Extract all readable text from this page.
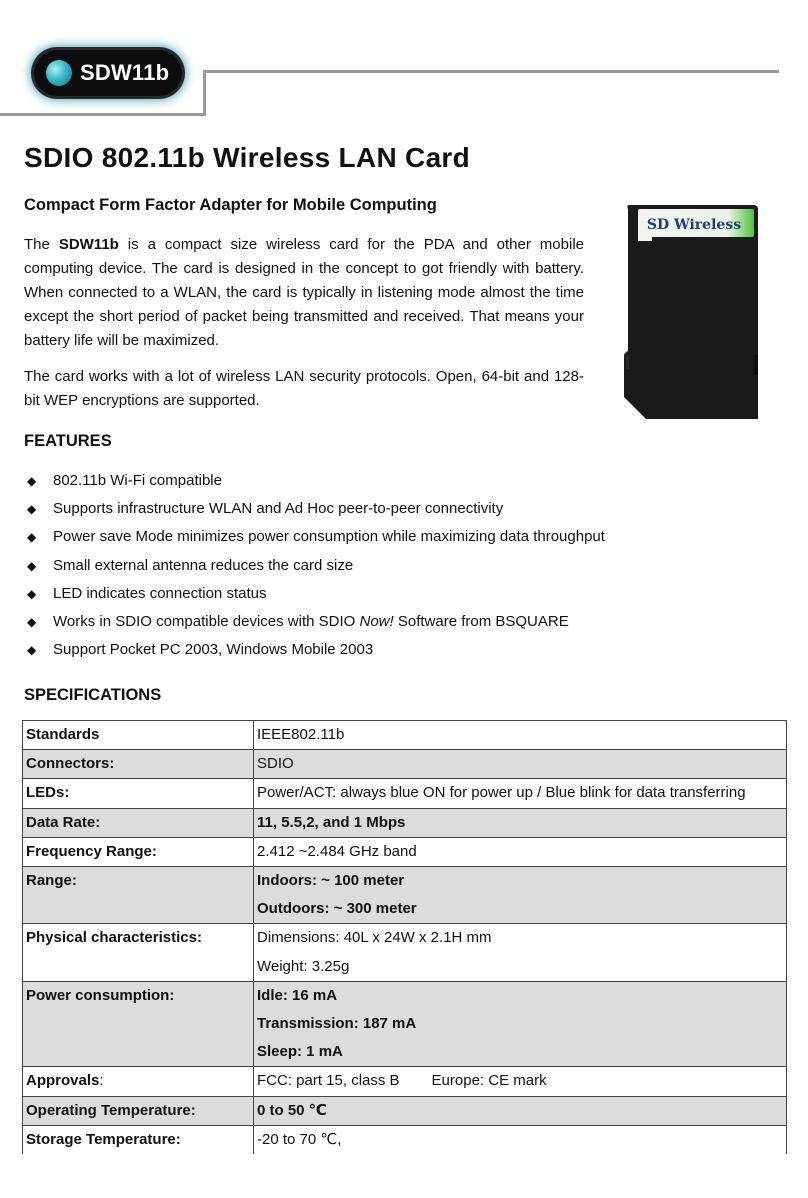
SDW11b
SDIO 802.11b Wireless LAN Card
Compact Form Factor Adapter for Mobile Computing

The SDW11b is a compact size wireless card for the PDA and other mobile computing device. The card is designed in the concept to got friendly with battery. When connected to a WLAN, the card is typically in listening mode almost the time except the short period of packet being transmitted and received. That means your battery life will be maximized.

The card works with a lot of wireless LAN security protocols. Open, 64-bit and 128-bit WEP encryptions are supported.

SD Wireless
FEATURES
◆ 802.11b Wi-Fi compatible
◆ Supports infrastructure WLAN and Ad Hoc peer-to-peer connectivity
◆ Power save Mode minimizes power consumption while maximizing data throughput
◆ Small external antenna reduces the card size
◆ LED indicates connection status
◆ Works in SDIO compatible devices with SDIO Now! Software from BSQUARE
◆ Support Pocket PC 2003, Windows Mobile 2003
SPECIFICATIONS
Standards	IEEE802.11b
Connectors:	SDIO
LEDs:	Power/ACT: always blue ON for power up / Blue blink for data transferring
Data Rate:	11, 5.5,2, and 1 Mbps
Frequency Range:	2.412 ~2.484 GHz band
Range:	Indoors: ~ 100 meter
Outdoors: ~ 300 meter

Physical characteristics:	Dimensions: 40L x 24W x 2.1H mm
Weight: 3.25g

Power consumption:	Idle: 16 mA
Transmission: 187 mA
Sleep: 1 mA

Approvals:	FCC: part 15, class B Europe: CE mark
Operating Temperature:	0 to 50 ℃
Storage Temperature:	-20 to 70 ℃,
